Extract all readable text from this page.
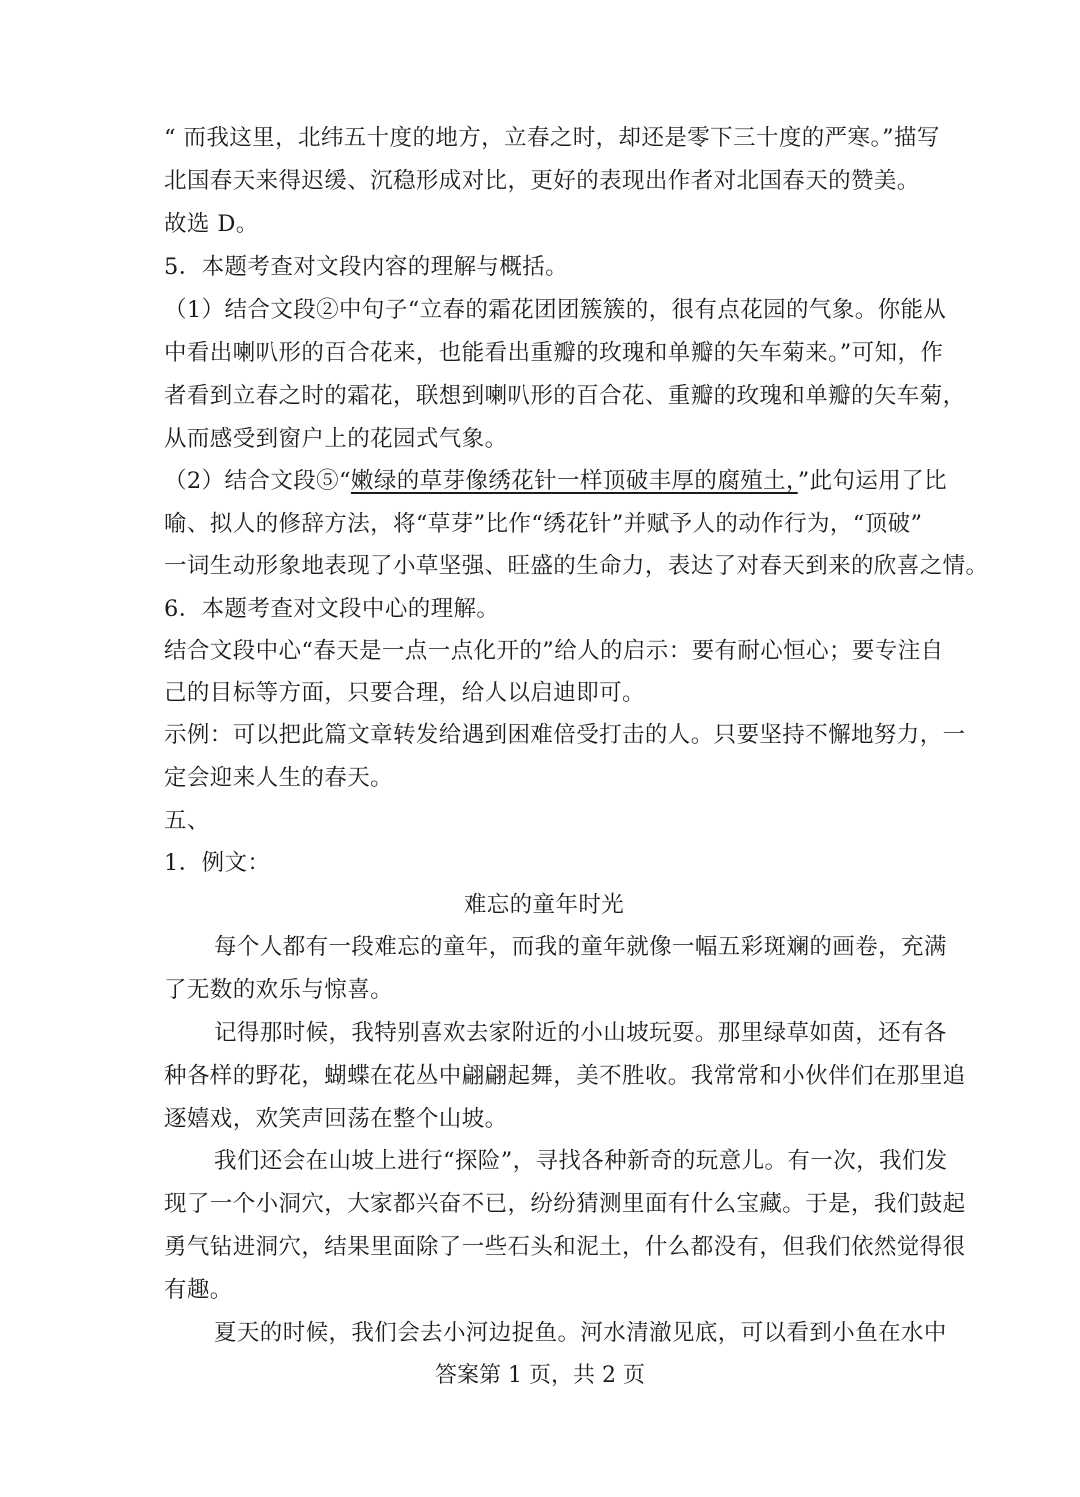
“ 而我这里，北纬五十度的地方，立春之时，却还是零下三十度的严寒。”描写
北国春天来得迟缓、沉稳形成对比，更好的表现出作者对北国春天的赞美。
故选 D。
5．本题考查对文段内容的理解与概括。
（1）结合文段②中句子“立春的霜花团团簇簇的，很有点花园的气象。你能从
中看出喇叭形的百合花来，也能看出重瓣的玫瑰和单瓣的矢车菊来。”可知，作
者看到立春之时的霜花，联想到喇叭形的百合花、重瓣的玫瑰和单瓣的矢车菊，
从而感受到窗户上的花园式气象。
（2）结合文段⑤“嫩绿的草芽像绣花针一样顶破丰厚的腐殖土，”此句运用了比
喻、拟人的修辞方法，将“草芽”比作“绣花针”并赋予人的动作行为，“顶破”
一词生动形象地表现了小草坚强、旺盛的生命力，表达了对春天到来的欣喜之情。
6．本题考查对文段中心的理解。
结合文段中心“春天是一点一点化开的”给人的启示：要有耐心恒心；要专注自
己的目标等方面，只要合理，给人以启迪即可。
示例：可以把此篇文章转发给遇到困难倍受打击的人。只要坚持不懈地努力，一
定会迎来人生的春天。
五、
1．例文：
难忘的童年时光
每个人都有一段难忘的童年，而我的童年就像一幅五彩斑斓的画卷，充满
了无数的欢乐与惊喜。
记得那时候，我特别喜欢去家附近的小山坡玩耍。那里绿草如茵，还有各
种各样的野花，蝴蝶在花丛中翩翩起舞，美不胜收。我常常和小伙伴们在那里追
逐嬉戏，欢笑声回荡在整个山坡。
我们还会在山坡上进行“探险”，寻找各种新奇的玩意儿。有一次，我们发
现了一个小洞穴，大家都兴奋不已，纷纷猜测里面有什么宝藏。于是，我们鼓起
勇气钻进洞穴，结果里面除了一些石头和泥土，什么都没有，但我们依然觉得很
有趣。
夏天的时候，我们会去小河边捉鱼。河水清澈见底，可以看到小鱼在水中
答案第 1 页，共 2 页
